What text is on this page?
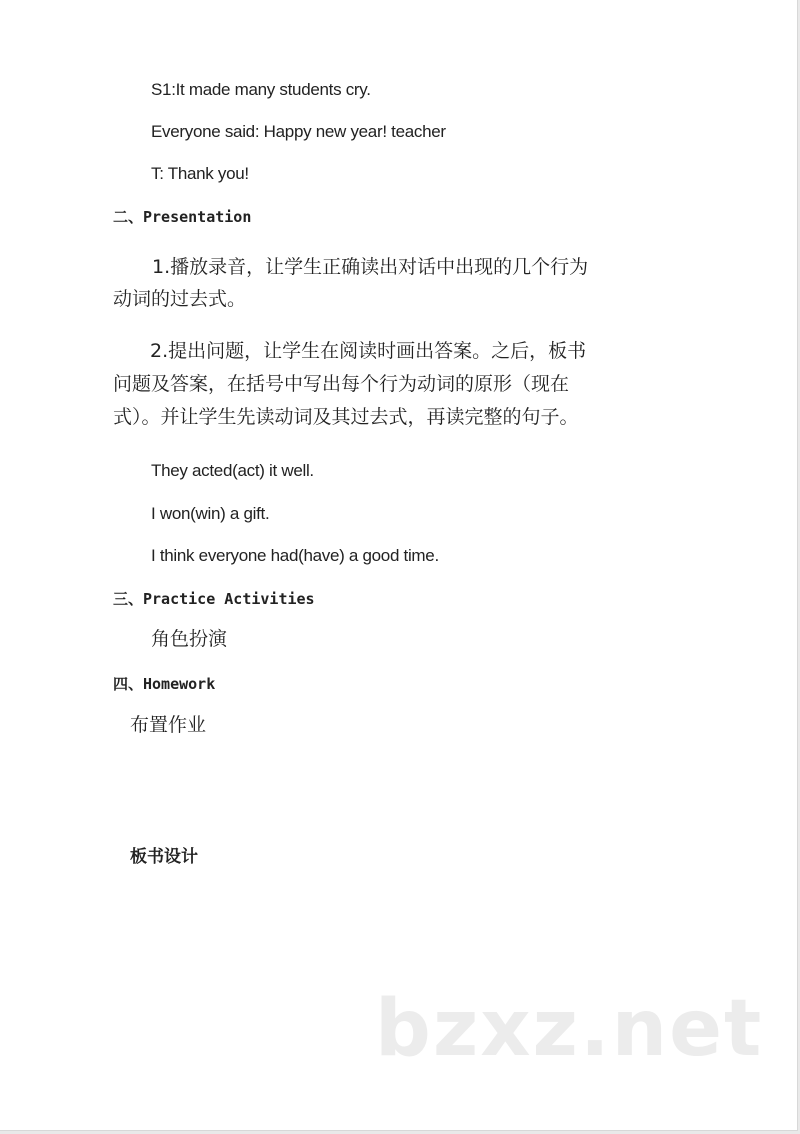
S1:It made many students cry.
Everyone said: Happy new year! teacher
T: Thank you!
二、Presentation
1.播放录音，让学生正确读出对话中出现的几个行为
动词的过去式。
2.提出问题，让学生在阅读时画出答案。之后，板书
问题及答案，在括号中写出每个行为动词的原形（现在
式）。并让学生先读动词及其过去式，再读完整的句子。
They acted(act) it well.
I won(win) a gift.
I think everyone had(have) a good time.
三、Practice Activities
角色扮演
四、Homework
布置作业
板书设计
bzxz.net
